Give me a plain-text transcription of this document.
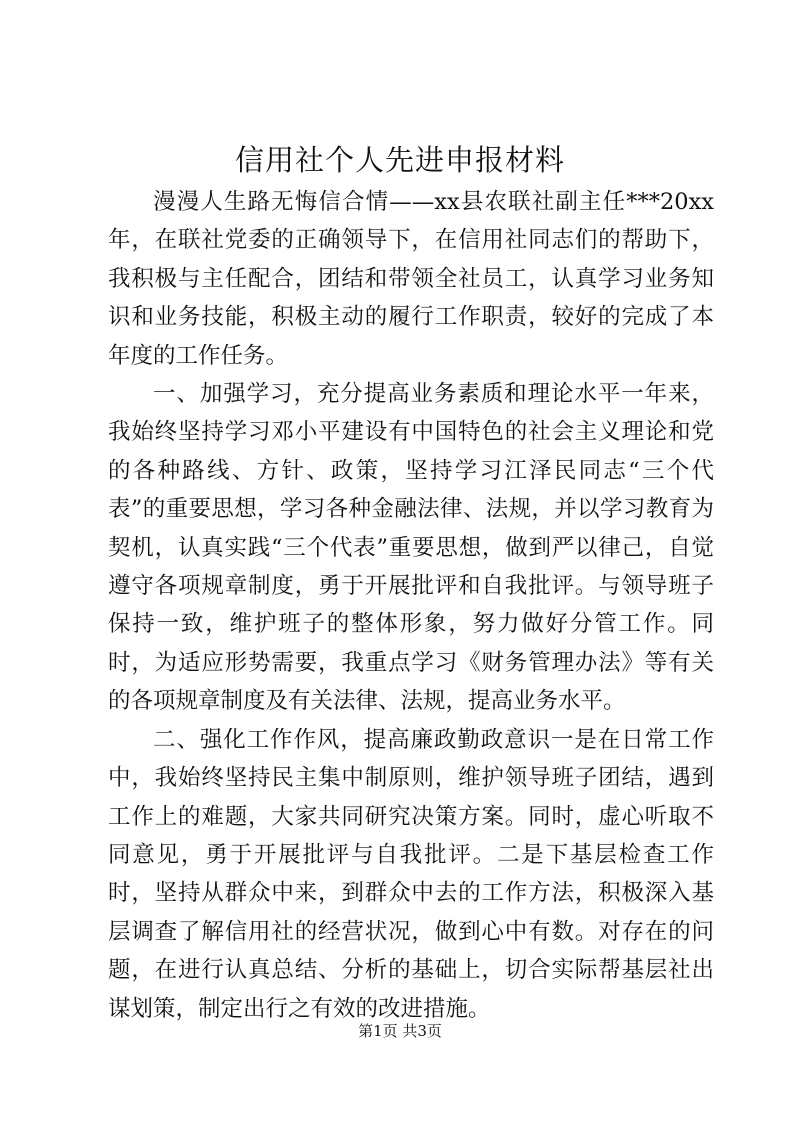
信用社个人先进申报材料

漫漫人生路无悔信合情——xx县农联社副主任***20xx年，在联社党委的正确领导下，在信用社同志们的帮助下，我积极与主任配合，团结和带领全社员工，认真学习业务知识和业务技能，积极主动的履行工作职责，较好的完成了本年度的工作任务。

一、加强学习，充分提高业务素质和理论水平一年来，我始终坚持学习邓小平建设有中国特色的社会主义理论和党的各种路线、方针、政策，坚持学习江泽民同志“三个代表”的重要思想，学习各种金融法律、法规，并以学习教育为契机，认真实践“三个代表”重要思想，做到严以律己，自觉遵守各项规章制度，勇于开展批评和自我批评。与领导班子保持一致，维护班子的整体形象，努力做好分管工作。同时，为适应形势需要，我重点学习《财务管理办法》等有关的各项规章制度及有关法律、法规，提高业务水平。

二、强化工作作风，提高廉政勤政意识一是在日常工作中，我始终坚持民主集中制原则，维护领导班子团结，遇到工作上的难题，大家共同研究决策方案。同时，虚心听取不同意见，勇于开展批评与自我批评。二是下基层检查工作时，坚持从群众中来，到群众中去的工作方法，积极深入基层调查了解信用社的经营状况，做到心中有数。对存在的问题，在进行认真总结、分析的基础上，切合实际帮基层社出谋划策，制定出行之有效的改进措施。

第1页 共3页
